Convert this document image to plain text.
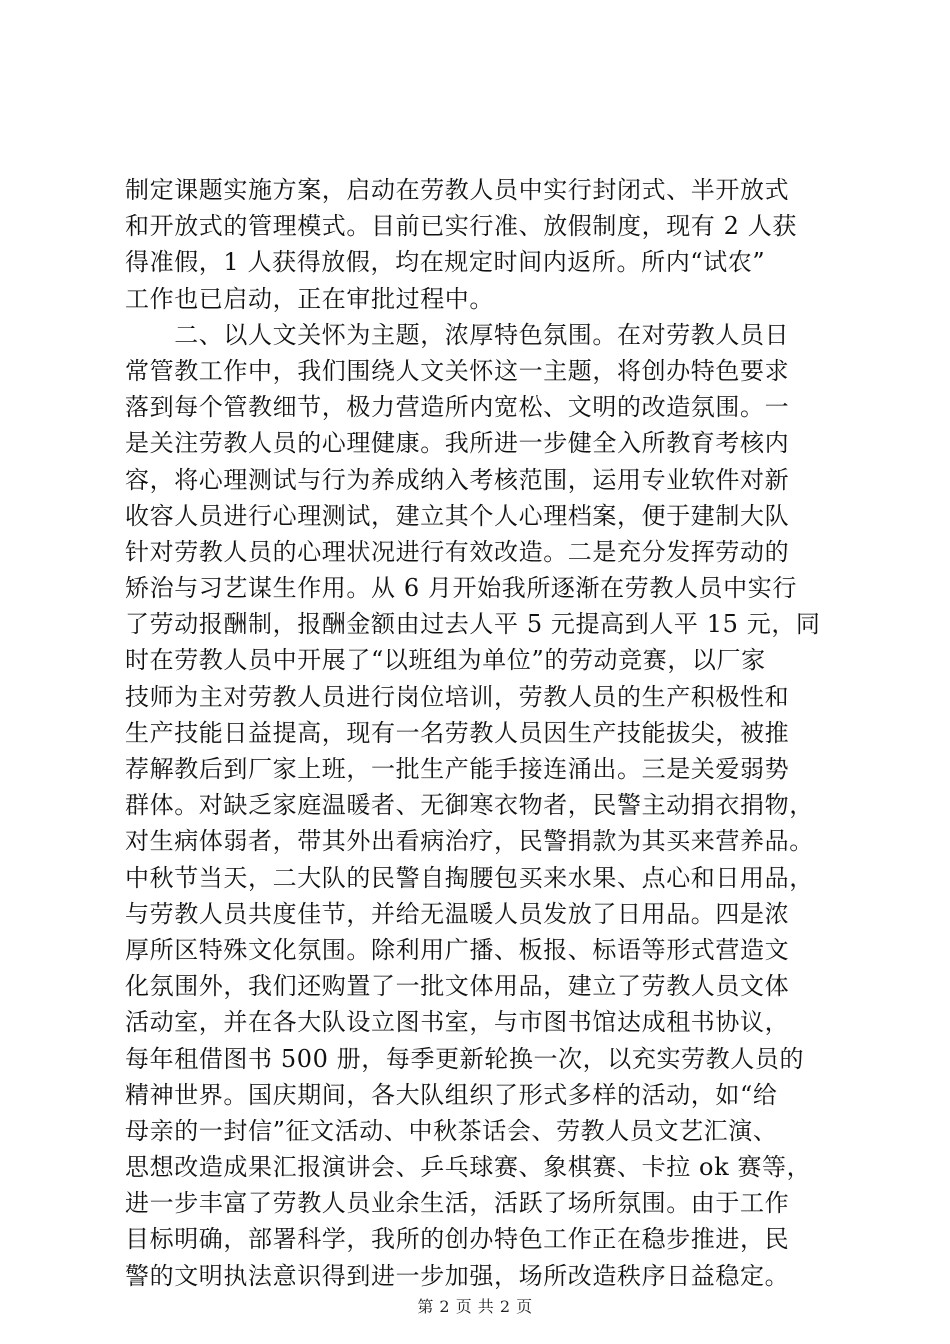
制定课题实施方案，启动在劳教人员中实行封闭式、半开放式
和开放式的管理模式。目前已实行准、放假制度，现有 2 人获
得准假，1 人获得放假，均在规定时间内返所。所内“试农”
工作也已启动，正在审批过程中。
　　二、以人文关怀为主题，浓厚特色氛围。在对劳教人员日
常管教工作中，我们围绕人文关怀这一主题，将创办特色要求
落到每个管教细节，极力营造所内宽松、文明的改造氛围。一
是关注劳教人员的心理健康。我所进一步健全入所教育考核内
容，将心理测试与行为养成纳入考核范围，运用专业软件对新
收容人员进行心理测试，建立其个人心理档案，便于建制大队
针对劳教人员的心理状况进行有效改造。二是充分发挥劳动的
矫治与习艺谋生作用。从 6 月开始我所逐渐在劳教人员中实行
了劳动报酬制，报酬金额由过去人平 5 元提高到人平 15 元，同
时在劳教人员中开展了“以班组为单位”的劳动竞赛，以厂家
技师为主对劳教人员进行岗位培训，劳教人员的生产积极性和
生产技能日益提高，现有一名劳教人员因生产技能拔尖，被推
荐解教后到厂家上班，一批生产能手接连涌出。三是关爱弱势
群体。对缺乏家庭温暖者、无御寒衣物者，民警主动捐衣捐物，
对生病体弱者，带其外出看病治疗，民警捐款为其买来营养品。
中秋节当天，二大队的民警自掏腰包买来水果、点心和日用品，
与劳教人员共度佳节，并给无温暖人员发放了日用品。四是浓
厚所区特殊文化氛围。除利用广播、板报、标语等形式营造文
化氛围外，我们还购置了一批文体用品，建立了劳教人员文体
活动室，并在各大队设立图书室，与市图书馆达成租书协议，
每年租借图书 500 册，每季更新轮换一次，以充实劳教人员的
精神世界。国庆期间，各大队组织了形式多样的活动，如“给
母亲的一封信”征文活动、中秋茶话会、劳教人员文艺汇演、
思想改造成果汇报演讲会、乒乓球赛、象棋赛、卡拉 ok 赛等，
进一步丰富了劳教人员业余生活，活跃了场所氛围。由于工作
目标明确，部署科学，我所的创办特色工作正在稳步推进，民
警的文明执法意识得到进一步加强，场所改造秩序日益稳定。
第 2 页 共 2 页
